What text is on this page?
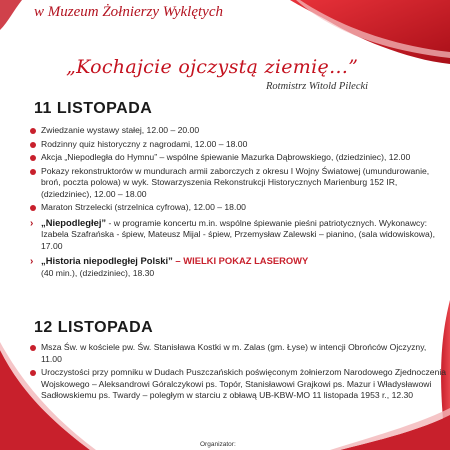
w Muzeum Żołnierzy Wyklętych
„Kochajcie ojczystą ziemię…”
Rotmistrz Witold Pilecki
11 LISTOPADA
Zwiedzanie wystawy stałej, 12.00 – 20.00
Rodzinny quiz historyczny z nagrodami, 12.00 – 18.00
Akcja „Niepodległa do Hymnu” – wspólne śpiewanie Mazurka Dąbrowskiego, (dziedziniec), 12.00
Pokazy rekonstruktorów w mundurach armii zaborczych z okresu I Wojny Światowej (umundurowanie, broń, poczta polowa) w wyk. Stowarzyszenia Rekonstrukcji Historycznych Marienburg 152 IR, (dziedziniec), 12.00 – 18.00
Maraton Strzelecki (strzelnica cyfrowa), 12.00 – 18.00
› „Niepodległej” - w programie koncertu m.in. wspólne śpiewanie pieśni patriotycznych. Wykonawcy: Izabela Szafrańska - śpiew, Mateusz Mijal - śpiew, Przemysław Zalewski – pianino, (sala widowiskowa), 17.00
› „Historia niepodległej Polski” – WIELKI POKAZ LASEROWY
(40 min.), (dziedziniec), 18.30
12 LISTOPADA
Msza Św. w kościele pw. Św. Stanisława Kostki w m. Zalas (gm. Łyse) w intencji Obrońców Ojczyzny, 11.00
Uroczystości przy pomniku w Dudach Puszczańskich poświęconym żołnierzom Narodowego Zjednoczenia Wojskowego – Aleksandrowi Góralczykowi ps. Topór, Stanisławowi Grajkowi ps. Mazur i Władysławowi Sadłowskiemu ps. Twardy – poległym w starciu z obławą UB-KBW-MO 11 listopada 1953 r., 12.30
Organizator:
